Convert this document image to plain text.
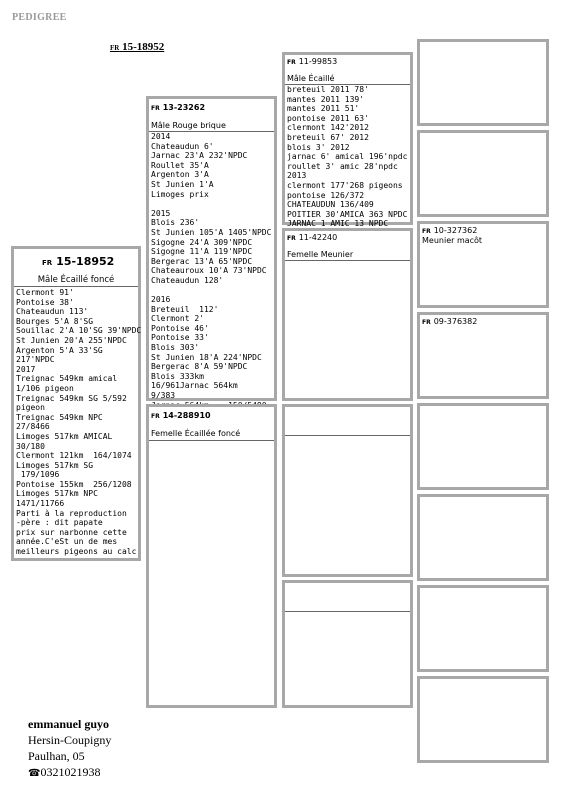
PEDIGREE
FR 15-18952
FR 15-18952
Mâle Écaillé foncé
Clermont 91'
Pontoise 38'
Chateaudun 113'
Bourges 5'A 8'SG
Souillac 2'A 10'SG 39'NPDC
St Junien 20'A 255'NPDC
Argenton 5'A 33'SG
217'NPDC
2017
Treignac 549km amical
1/106 pigeon
Treignac 549km SG 5/592
pigeon
Treignac 549km NPC
27/8466
Limoges 517km AMICAL
30/180
Clermont 121km  164/1074
Limoges 517km SG
179/1096
Pontoise 155km  256/1208
Limoges 517km NPC
1471/11766
Parti à la reproduction
-père : dit papate
prix sur narbonne cette
année.C'eSt un de mes
meilleurs pigeons au calc
FR 13-23262
Mâle Rouge brique
2014
Chateaudun 6'
Jarnac 23'A 232'NPDC
Roullet 35'A
Argenton 3'A
St Junien 1'A
Limoges prix

2015
Blois 236'
St Junien 105'A 1405'NPDC
Sigogne 24'A 309'NPDC
Sigogne 11'A 119'NPDC
Bergerac 13'A 65'NPDC
Chateauroux 10'A 73'NPDC
Chateaudun 128'

2016
Breteuil  112'
Clermont 2'
Pontoise 46'
Pontoise 33'
Blois 303'
St Junien 18'A 224'NPDC
Bergerac 8'A 59'NPDC
Blois 333km
16/961Jarnac 564km
9/383
FR 14-288910
Femelle Écaillée foncé
FR 11-99853
Mâle Écaillé
breteuil 2011 78'
mantes 2011 139'
mantes 2011 51'
pontoise 2011 63'
clermont 142'2012
breteuil 67' 2012
blois 3' 2012
jarnac 6' amical 196'npdc
roullet 3' amic 28'npdc
2013
clermont 177'268 pigeons
pontoise 126/372
CHATEAUDUN 136/409
POITIER 30'AMICA 363 NPDC
JARNAC 1 AMIC 13 NPDC
FR 11-42240
Femelle Meunier
FR 10-327362
Meunier macôt
FR 09-376382
emmanuel guyo
Hersin-Coupigny
Paulhan, 05
☎0321021938
